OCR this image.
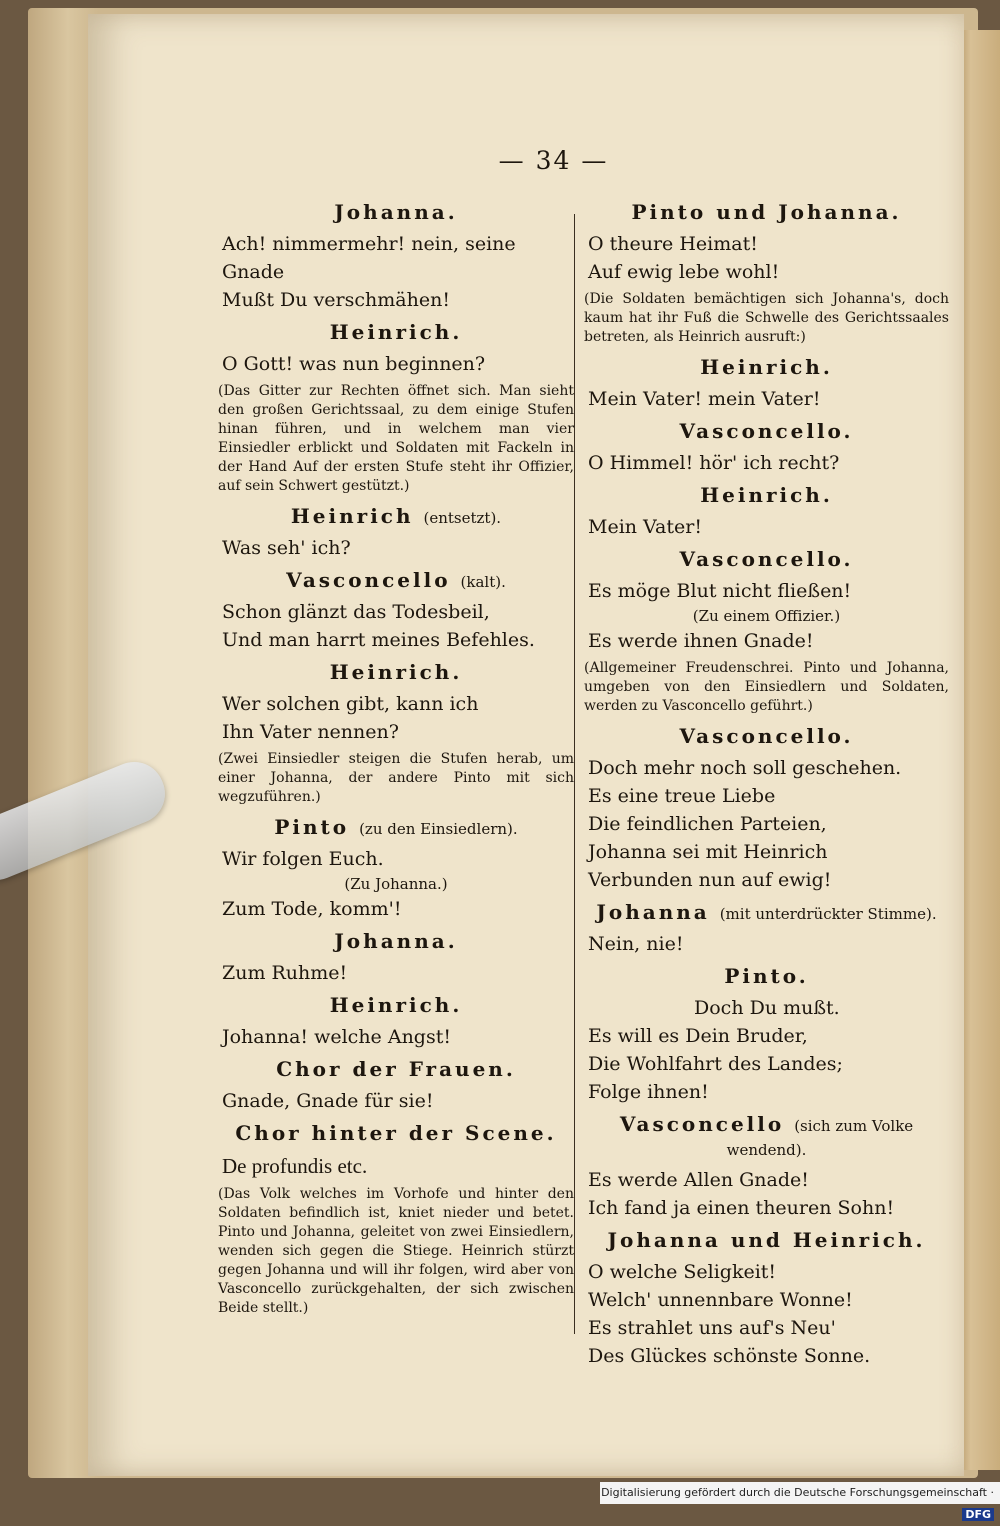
— 34 —
Johanna.
Ach! nimmermehr! nein, seine Gnade
Mußt Du verschmähen!
Heinrich.
O Gott! was nun beginnen?
(Das Gitter zur Rechten öffnet sich. Man sieht den großen Gerichtssaal, zu dem einige Stufen hinan führen, und in welchem man vier Einsiedler erblickt und Soldaten mit Fackeln in der Hand Auf der ersten Stufe steht ihr Offizier, auf sein Schwert gestützt.)
Heinrich (entsetzt).
Was seh' ich?
Vasconcello (kalt).
Schon glänzt das Todesbeil,
Und man harrt meines Befehles.
Heinrich.
Wer solchen gibt, kann ich
Ihn Vater nennen?
(Zwei Einsiedler steigen die Stufen herab, um einer Johanna, der andere Pinto mit sich wegzuführen.)
Pinto (zu den Einsiedlern).
Wir folgen Euch.
(Zu Johanna.)
Zum Tode, komm'!
Johanna.
Zum Ruhme!
Heinrich.
Johanna! welche Angst!
Chor der Frauen.
Gnade, Gnade für sie!
Chor hinter der Scene.
De profundis etc.
(Das Volk welches im Vorhofe und hinter den Soldaten befindlich ist, kniet nieder und betet. Pinto und Johanna, geleitet von zwei Einsiedlern, wenden sich gegen die Stiege. Heinrich stürzt gegen Johanna und will ihr folgen, wird aber von Vasconcello zurückgehalten, der sich zwischen Beide stellt.)
Pinto und Johanna.
O theure Heimat!
Auf ewig lebe wohl!
(Die Soldaten bemächtigen sich Johanna's, doch kaum hat ihr Fuß die Schwelle des Gerichtssaales betreten, als Heinrich ausruft:)
Heinrich.
Mein Vater! mein Vater!
Vasconcello.
O Himmel! hör' ich recht?
Heinrich.
Mein Vater!
Vasconcello.
Es möge Blut nicht fließen!
(Zu einem Offizier.)
Es werde ihnen Gnade!
(Allgemeiner Freudenschrei. Pinto und Johanna, umgeben von den Einsiedlern und Soldaten, werden zu Vasconcello geführt.)
Vasconcello.
Doch mehr noch soll geschehen.
Es eine treue Liebe
Die feindlichen Parteien,
Johanna sei mit Heinrich
Verbunden nun auf ewig!
Johanna (mit unterdrückter Stimme).
Nein, nie!
Pinto.
Doch Du mußt.
Es will es Dein Bruder,
Die Wohlfahrt des Landes;
Folge ihnen!
Vasconcello (sich zum Volke wendend).
Es werde Allen Gnade!
Ich fand ja einen theuren Sohn!
Johanna und Heinrich.
O welche Seligkeit!
Welch' unnennbare Wonne!
Es strahlet uns auf's Neu'
Des Glückes schönste Sonne.
Digitalisierung gefördert durch die Deutsche Forschungsgemeinschaft · DFG
